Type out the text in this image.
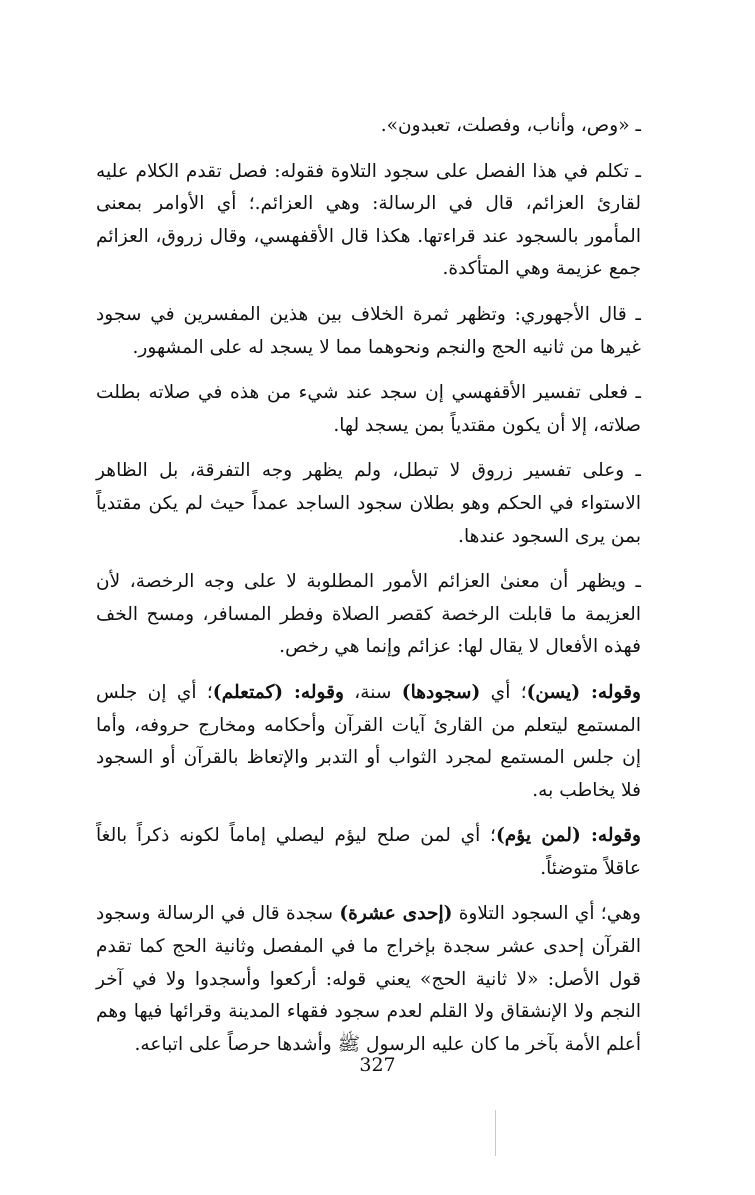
ـ «وص، وأناب، وفصلت، تعبدون».

ـ تكلم في هذا الفصل على سجود التلاوة فقوله: فصل تقدم الكلام عليه لقارئ العزائم، قال في الرسالة: وهي العزائم.؛ أي الأوامر بمعنى المأمور بالسجود عند قراءتها. هكذا قال الأقفهسي، وقال زروق، العزائم جمع عزيمة وهي المتأكدة.

ـ قال الأجهوري: وتظهر ثمرة الخلاف بين هذين المفسرين في سجود غيرها من ثانيه الحج والنجم ونحوهما مما لا يسجد له على المشهور.

ـ فعلى تفسير الأقفهسي إن سجد عند شيء من هذه في صلاته بطلت صلاته، إلا أن يكون مقتدياً بمن يسجد لها.

ـ وعلى تفسير زروق لا تبطل، ولم يظهر وجه التفرقة، بل الظاهر الاستواء في الحكم وهو بطلان سجود الساجد عمداً حيث لم يكن مقتدياً بمن يرى السجود عندها.

ـ ويظهر أن معنىٰ العزائم الأمور المطلوبة لا على وجه الرخصة، لأن العزيمة ما قابلت الرخصة كقصر الصلاة وفطر المسافر، ومسح الخف فهذه الأفعال لا يقال لها: عزائم وإنما هي رخص.

وقوله: (يسن)؛ أي (سجودها) سنة، وقوله: (كمتعلم)؛ أي إن جلس المستمع ليتعلم من القارئ آيات القرآن وأحكامه ومخارج حروفه، وأما إن جلس المستمع لمجرد الثواب أو التدبر والإتعاظ بالقرآن أو السجود فلا يخاطب به.

وقوله: (لمن يؤم)؛ أي لمن صلح ليؤم ليصلي إماماً لكونه ذكراً بالغاً عاقلاً متوضئاً.

وهي؛ أي السجود التلاوة (إحدى عشرة) سجدة قال في الرسالة وسجود القرآن إحدى عشر سجدة بإخراج ما في المفصل وثانية الحج كما تقدم قول الأصل: «لا ثانية الحج» يعني قوله: أركعوا وأسجدوا ولا في آخر النجم ولا الإنشقاق ولا القلم لعدم سجود فقهاء المدينة وقرائها فيها وهم أعلم الأمة بآخر ما كان عليه الرسول ﷺ وأشدها حرصاً على اتباعه.

327
